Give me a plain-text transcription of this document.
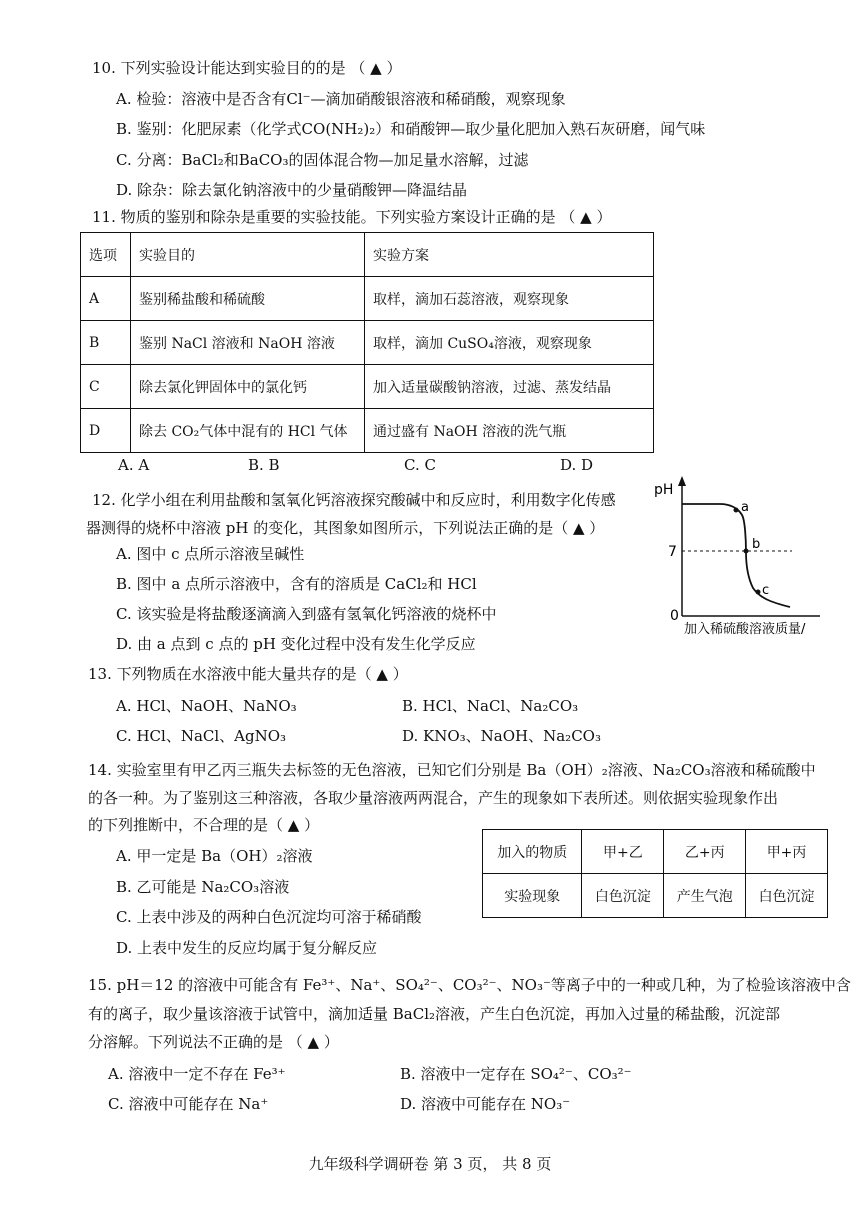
10. 下列实验设计能达到实验目的的是 （ ▲ ）
A. 检验：溶液中是否含有Cl⁻—滴加硝酸银溶液和稀硝酸，观察现象
B. 鉴别：化肥尿素（化学式CO(NH₂)₂）和硝酸钾—取少量化肥加入熟石灰研磨，闻气味
C. 分离：BaCl₂和BaCO₃的固体混合物—加足量水溶解，过滤
D. 除杂：除去氯化钠溶液中的少量硝酸钾—降温结晶
11. 物质的鉴别和除杂是重要的实验技能。下列实验方案设计正确的是 （ ▲ ）
选项	实验目的	实验方案
A	鉴别稀盐酸和稀硫酸	取样，滴加石蕊溶液，观察现象
B	鉴别 NaCl 溶液和 NaOH 溶液	取样，滴加 CuSO₄溶液，观察现象
C	除去氯化钾固体中的氯化钙	加入适量碳酸钠溶液，过滤、蒸发结晶
D	除去 CO₂气体中混有的 HCl 气体	通过盛有 NaOH 溶液的洗气瓶
A. A	B. B	C. C	D. D
12. 化学小组在利用盐酸和氢氧化钙溶液探究酸碱中和反应时，利用数字化传感
器测得的烧杯中溶液 pH 的变化，其图象如图所示，下列说法正确的是（ ▲ ）
A. 图中 c 点所示溶液呈碱性
B. 图中 a 点所示溶液中，含有的溶质是 CaCl₂和 HCl
C. 该实验是将盐酸逐滴滴入到盛有氢氧化钙溶液的烧杯中
D. 由 a 点到 c 点的 pH 变化过程中没有发生化学反应
pH
7
0
a
b
c
加入稀硫酸溶液质量/
13. 下列物质在水溶液中能大量共存的是（ ▲ ）
A. HCl、NaOH、NaNO₃	B. HCl、NaCl、Na₂CO₃
C. HCl、NaCl、AgNO₃	D. KNO₃、NaOH、Na₂CO₃
14. 实验室里有甲乙丙三瓶失去标签的无色溶液，已知它们分别是 Ba（OH）₂溶液、Na₂CO₃溶液和稀硫酸中
的各一种。为了鉴别这三种溶液，各取少量溶液两两混合，产生的现象如下表所述。则依据实验现象作出
的下列推断中，不合理的是（ ▲ ）
A. 甲一定是 Ba（OH）₂溶液
B. 乙可能是 Na₂CO₃溶液
C. 上表中涉及的两种白色沉淀均可溶于稀硝酸
D. 上表中发生的反应均属于复分解反应
加入的物质	甲+乙	乙+丙	甲+丙
实验现象	白色沉淀	产生气泡	白色沉淀
15. pH＝12 的溶液中可能含有 Fe³⁺、Na⁺、SO₄²⁻、CO₃²⁻、NO₃⁻等离子中的一种或几种，为了检验该溶液中含
有的离子，取少量该溶液于试管中，滴加适量 BaCl₂溶液，产生白色沉淀，再加入过量的稀盐酸，沉淀部
分溶解。下列说法不正确的是 （ ▲ ）
A. 溶液中一定不存在 Fe³⁺	B. 溶液中一定存在 SO₄²⁻、CO₃²⁻
C. 溶液中可能存在 Na⁺	D. 溶液中可能存在 NO₃⁻
九年级科学调研卷 第 3 页， 共 8 页
